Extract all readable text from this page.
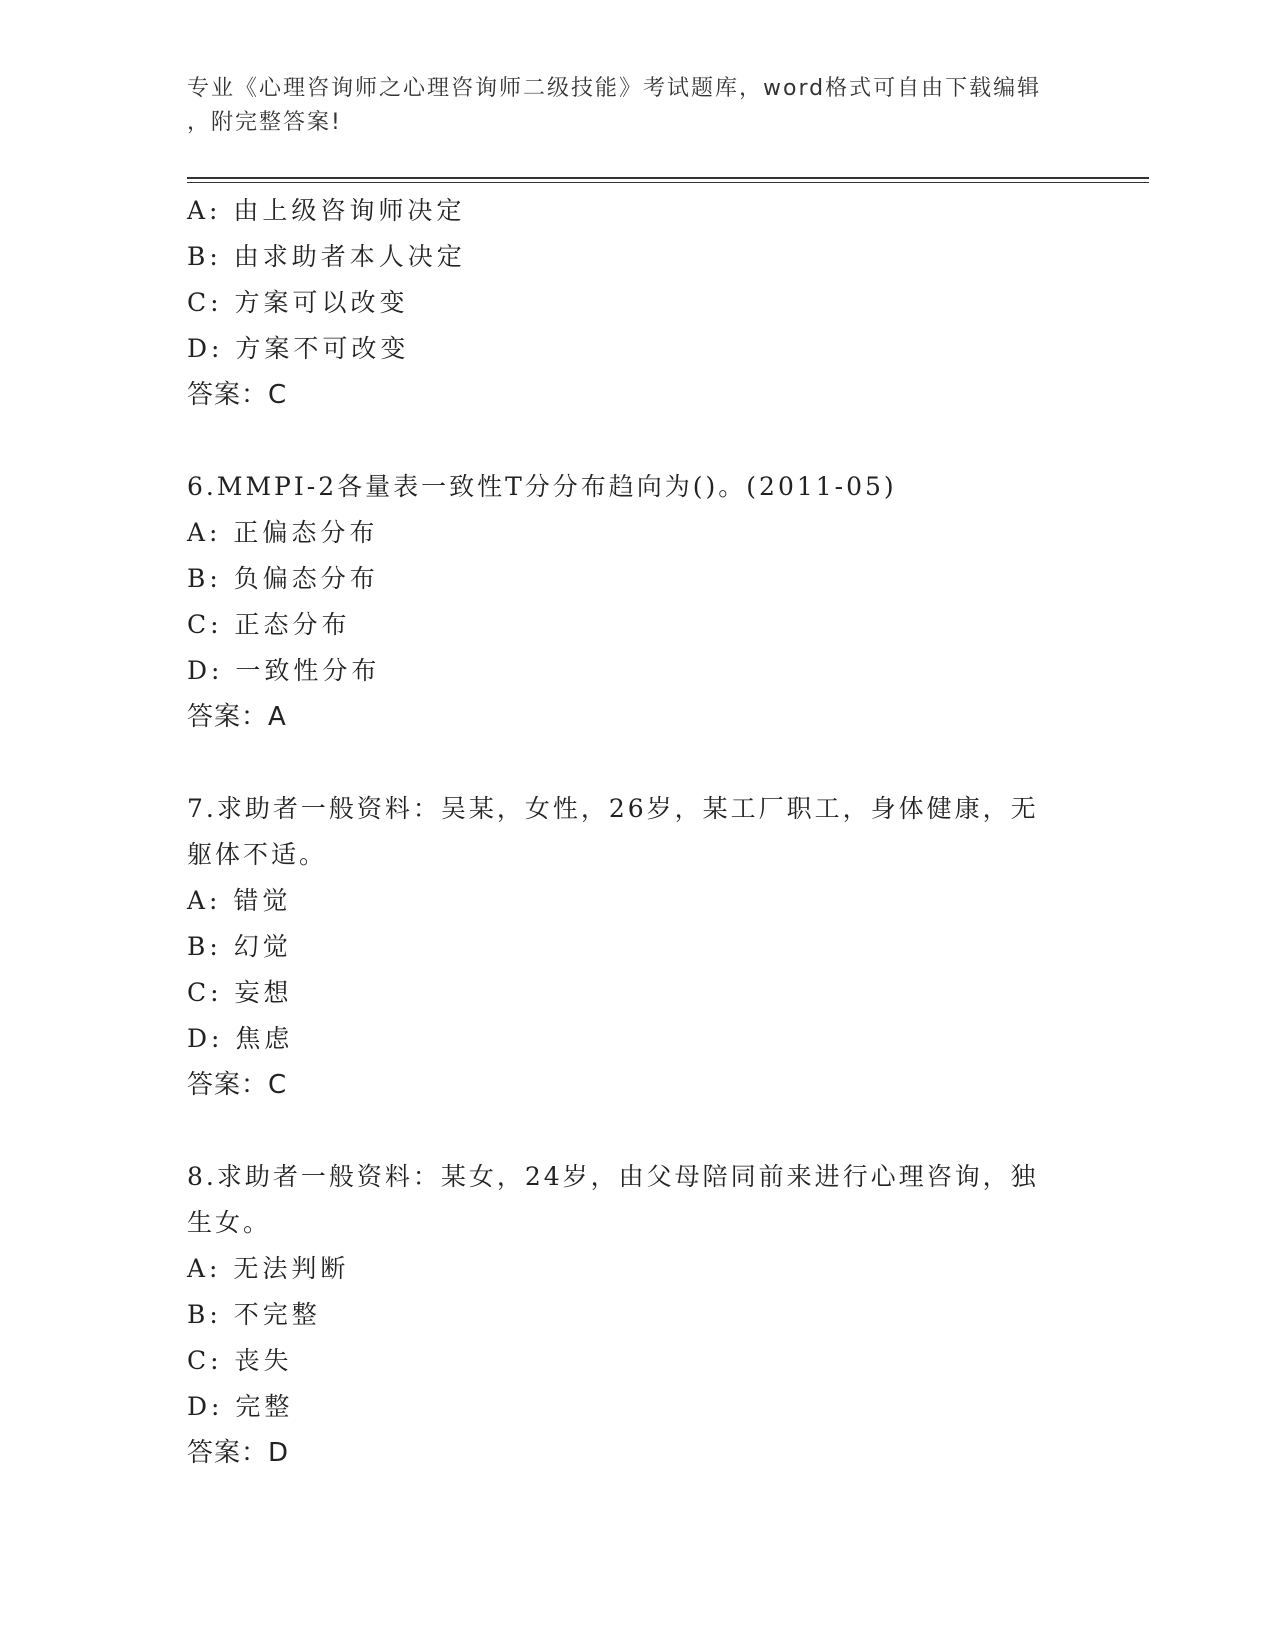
专业《心理咨询师之心理咨询师二级技能》考试题库，word格式可自由下载编辑
，附完整答案!

A: 由上级咨询师决定

B: 由求助者本人决定

C: 方案可以改变

D: 方案不可改变

答案：C

6.MMPI-2各量表一致性T分分布趋向为()。(2011-05)

A: 正偏态分布

B: 负偏态分布

C: 正态分布

D: 一致性分布

答案：A

7.求助者一般资料：吴某，女性，26岁，某工厂职工，身体健康，无

躯体不适。

A: 错觉

B: 幻觉

C: 妄想

D: 焦虑

答案：C

8.求助者一般资料：某女，24岁，由父母陪同前来进行心理咨询，独

生女。

A: 无法判断

B: 不完整

C: 丧失

D: 完整

答案：D
